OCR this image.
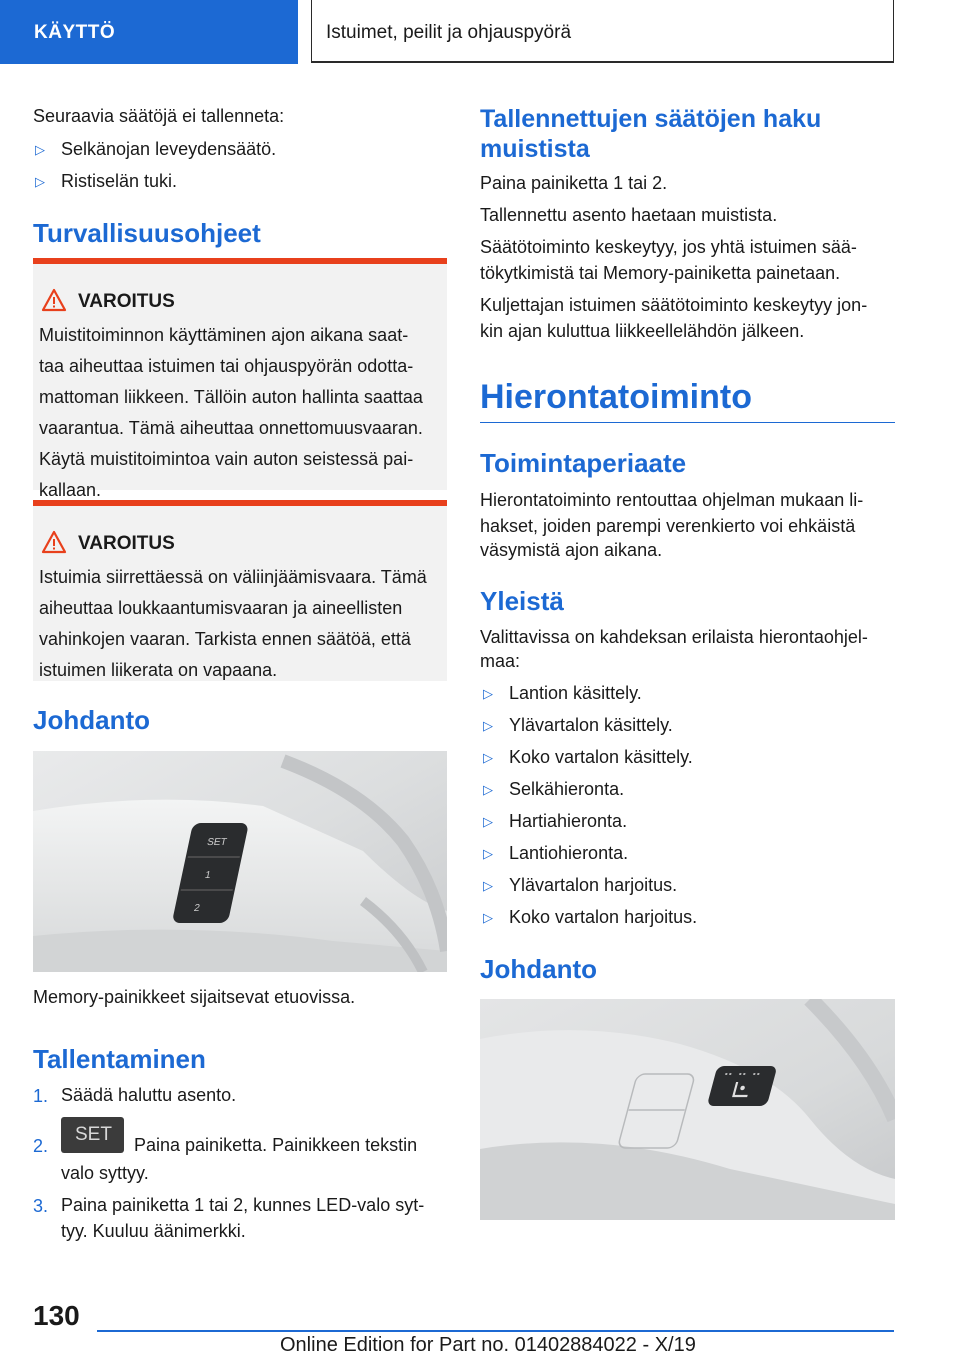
KÄYTTÖ	Istuimet, peilit ja ohjauspyörä

Seuraavia säätöjä ei tallenneta:

▷ Selkänojan leveydensäätö.
▷ Ristiselän tuki.
Turvallisuusohjeet
VAROITUS
Muistitoiminnon käyttäminen ajon aikana saat‐
taa aiheuttaa istuimen tai ohjauspyörän odotta‐
mattoman liikkeen. Tällöin auton hallinta saattaa
vaarantua. Tämä aiheuttaa onnettomuusvaaran.
Käytä muistitoimintoa vain auton seistessä pai‐
kallaan.
VAROITUS
Istuimia siirrettäessä on väliinjäämisvaara. Tämä
aiheuttaa loukkaantumisvaaran ja aineellisten
vahinkojen vaaran. Tarkista ennen säätöä, että
istuimen liikerata on vapaana.
Johdanto
SET
1
2

Memory-painikkeet sijaitsevat etuovissa.

Tallentaminen
1. Säädä haluttu asento.
2.
SET Paina painiketta. Painikkeen tekstin
valo syttyy.
3. Paina painiketta 1 tai 2, kunnes LED-valo syt‐
tyy. Kuuluu äänimerkki.
Tallennettujen säätöjen haku
muistista

Paina painiketta 1 tai 2.

Tallennettu asento haetaan muistista.

Säätötoiminto keskeytyy, jos yhtä istuimen sää‐

tökytkimistä tai Memory-painiketta painetaan.

Kuljettajan istuimen säätötoiminto keskeytyy jon‐

kin ajan kuluttua liikkeellelähdön jälkeen.

Hierontatoiminto
Toimintaperiaate

Hierontatoiminto rentouttaa ohjelman mukaan li‐

hakset, joiden parempi verenkierto voi ehkäistä

väsymistä ajon aikana.

Yleistä

Valittavissa on kahdeksan erilaista hierontaohjel‐

maa:

▷ Lantion käsittely.
▷ Ylävartalon käsittely.
▷ Koko vartalon käsittely.
▷ Selkähieronta.
▷ Hartiahieronta.
▷ Lantiohieronta.
▷ Ylävartalon harjoitus.
▷ Koko vartalon harjoitus.
Johdanto
130
Online Edition for Part no. 01402884022 - X/19
